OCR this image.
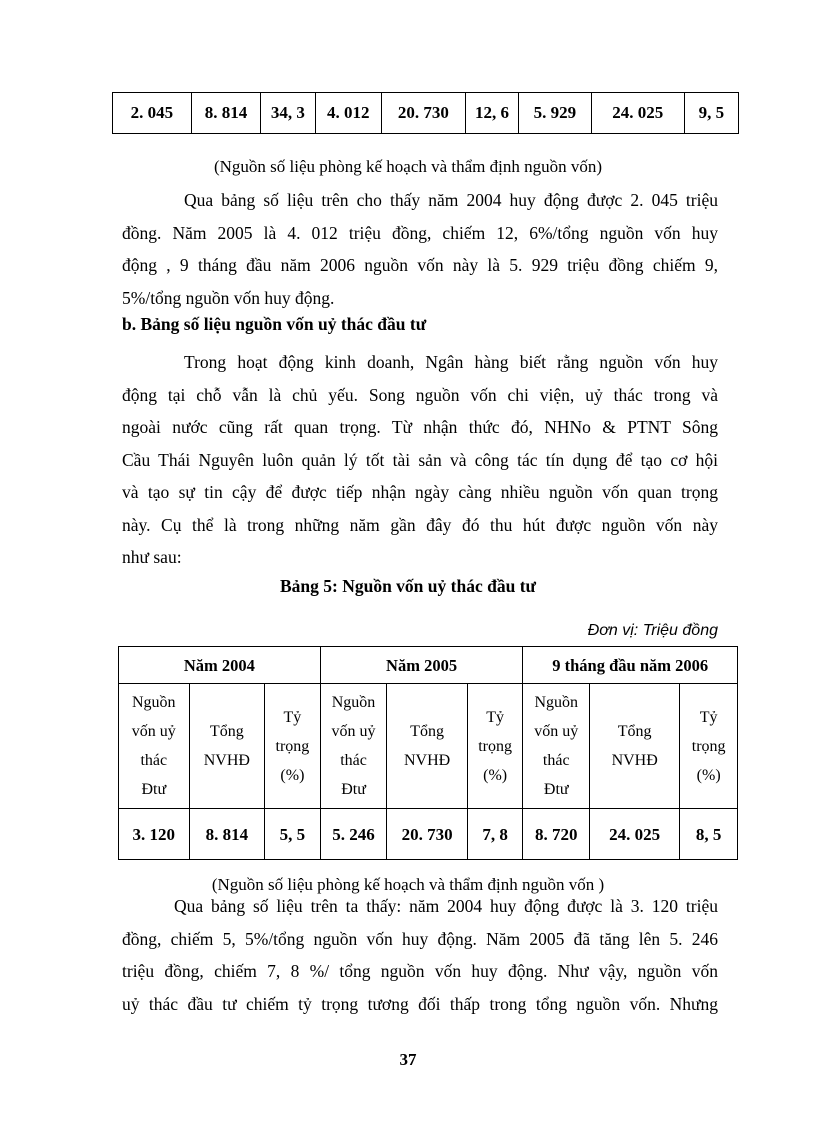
2. 045	8. 814	34, 3	4. 012	20. 730	12, 6	5. 929	24. 025	9, 5

(Nguồn số liệu phòng kế hoạch và thẩm định nguồn vốn)

Qua bảng số liệu trên cho thấy năm 2004 huy động được 2. 045 triệu
đồng. Năm 2005 là 4. 012 triệu đồng, chiếm 12, 6%/tổng nguồn vốn huy
động , 9 tháng đầu năm 2006 nguồn vốn này là 5. 929 triệu đồng chiếm 9,
5%/tổng nguồn vốn huy động.

b. Bảng số liệu nguồn vốn uỷ thác đầu tư

Trong hoạt động kinh doanh, Ngân hàng biết rằng nguồn vốn huy
động tại chỗ vẫn là chủ yếu. Song nguồn vốn chi viện, uỷ thác trong và
ngoài nước cũng rất quan trọng. Từ nhận thức đó, NHNo & PTNT Sông
Cầu Thái Nguyên luôn quản lý tốt tài sản và công tác tín dụng để tạo cơ hội
và tạo sự tin cậy để được tiếp nhận ngày càng nhiều nguồn vốn quan trọng
này. Cụ thể là trong những năm gần đây đó thu hút được nguồn vốn này
như sau:

Bảng 5: Nguồn vốn uỷ thác đầu tư

Đơn vị: Triệu đồng

Năm 2004			Năm 2005			9 tháng đầu năm 2006		
Nguồn
vốn uỷ
thác
Đtư	Tổng
NVHĐ	Tỷ
trọng
(%)	Nguồn
vốn uỷ
thác
Đtư	Tổng
NVHĐ	Tỷ
trọng
(%)	Nguồn
vốn uỷ
thác
Đtư	Tổng
NVHĐ	Tỷ
trọng
(%)
3. 120	8. 814	5, 5	5. 246	20. 730	7, 8	8. 720	24. 025	8, 5

(Nguồn số liệu phòng kế hoạch và thẩm định nguồn vốn )

Qua bảng số liệu trên ta thấy: năm 2004 huy động được là 3. 120 triệu
đồng, chiếm 5, 5%/tổng nguồn vốn huy động. Năm 2005 đã tăng lên 5. 246
triệu đồng, chiếm 7, 8 %/ tổng nguồn vốn huy động. Như vậy, nguồn vốn
uỷ thác đầu tư chiếm tỷ trọng tương đối thấp trong tổng nguồn vốn. Nhưng

37
